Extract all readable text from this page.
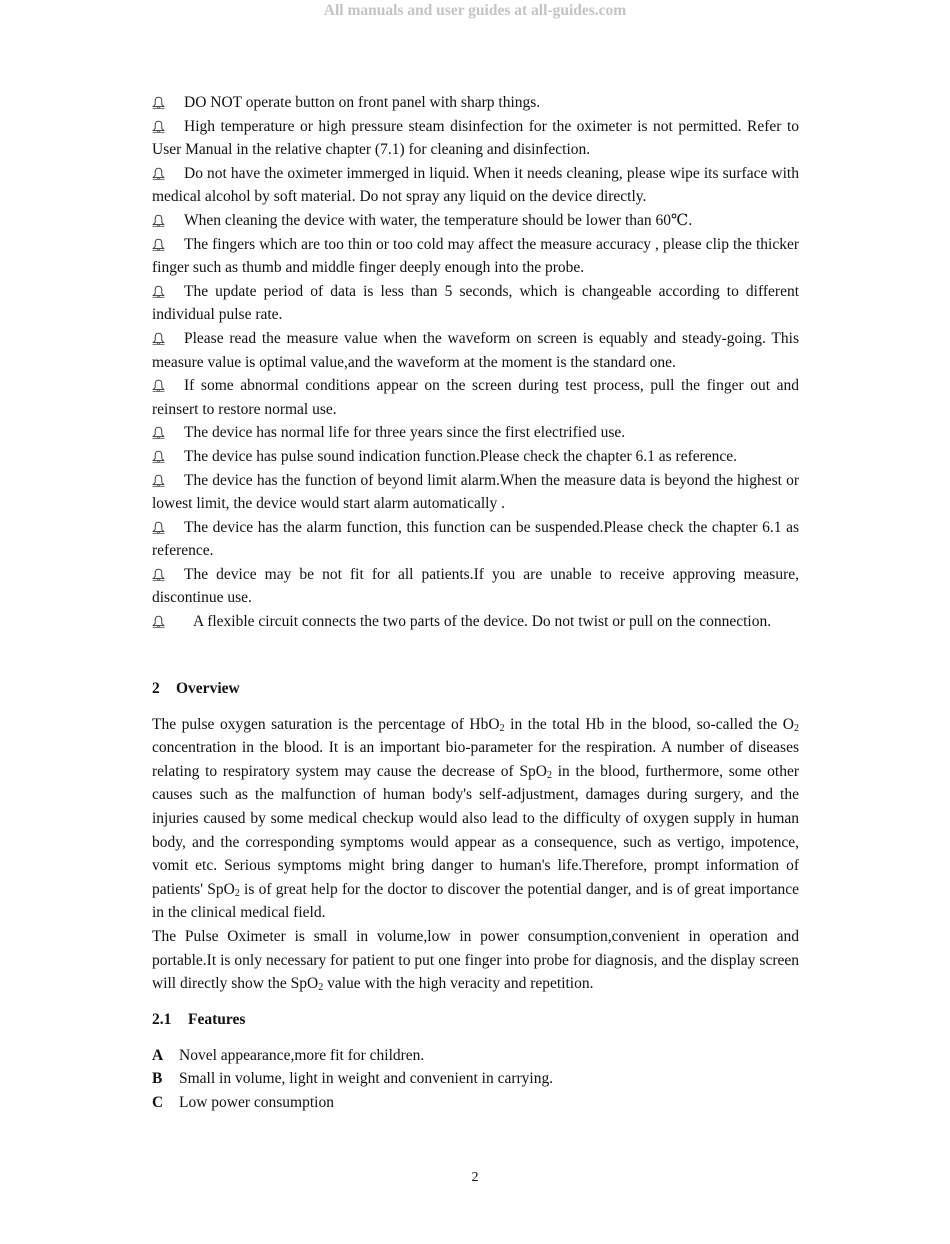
All manuals and user guides at all-guides.com

DO NOT operate button on front panel with sharp things.

High temperature or high pressure steam disinfection for the oximeter is not permitted. Refer to User Manual in the relative chapter (7.1) for cleaning and disinfection.

Do not have the oximeter immerged in liquid. When it needs cleaning, please wipe its surface with medical alcohol by soft material. Do not spray any liquid on the device directly.

When cleaning the device with water, the temperature should be lower than 60℃.

The fingers which are too thin or too cold may affect the measure accuracy , please clip the thicker finger such as thumb and middle finger deeply enough into the probe.

The update period of data is less than 5 seconds, which is changeable according to different individual pulse rate.

Please read the measure value when the waveform on screen is equably and steady-going. This measure value is optimal value,and the waveform at the moment is the standard one.

If some abnormal conditions appear on the screen during test process, pull the finger out and reinsert to restore normal use.

The device has normal life for three years since the first electrified use.

The device has pulse sound indication function.Please check the chapter 6.1 as reference.

The device has the function of beyond limit alarm.When the measure data is beyond the highest or lowest limit, the device would start alarm automatically .

The device has the alarm function, this function can be suspended.Please check the chapter 6.1 as reference.

The device may be not fit for all patients.If you are unable to receive approving measure, discontinue use.

A flexible circuit connects the two parts of the device. Do not twist or pull on the connection.

2 Overview

The pulse oxygen saturation is the percentage of HbO$_2$ in the total Hb in the blood, so-called the $O_2$ concentration in the blood. It is an important bio-parameter for the respiration. A number of diseases relating to respiratory system may cause the decrease of SpO$_2$ in the blood, furthermore, some other causes such as the malfunction of human body's self-adjustment, damages during surgery, and the injuries caused by some medical checkup would also lead to the difficulty of oxygen supply in human body, and the corresponding symptoms would appear as a consequence, such as vertigo, impotence, vomit etc. Serious symptoms might bring danger to human's life.Therefore, prompt information of patients' SpO$_2$ is of great help for the doctor to discover the potential danger, and is of great importance in the clinical medical field.

The Pulse Oximeter is small in volume,low in power consumption,convenient in operation and portable.It is only necessary for patient to put one finger into probe for diagnosis, and the display screen will directly show the SpO$_2$ value with the high veracity and repetition.

2.1 Features

A	Novel appearance,more fit for children.

B	Small in volume, light in weight and convenient in carrying.

C	Low power consumption

2
